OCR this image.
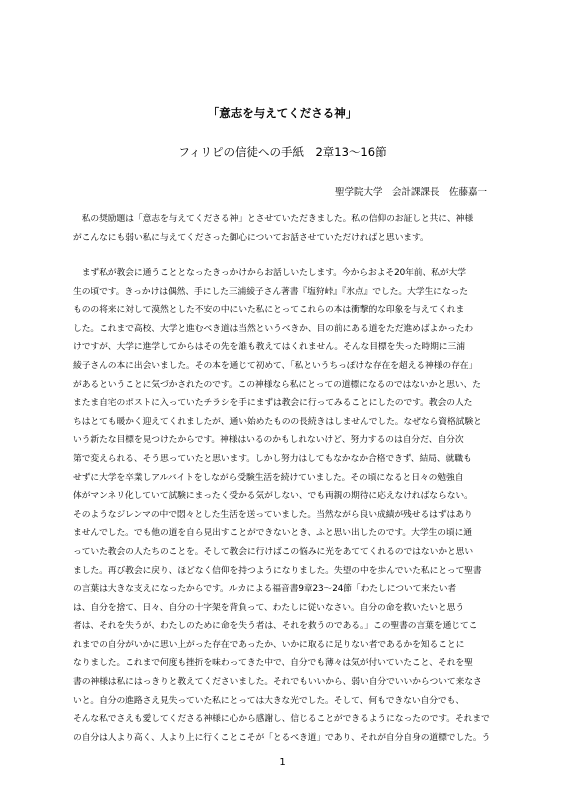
「意志を与えてくださる神」
フィリピの信徒への手紙　2章13～16節
聖学院大学　会計課課長　佐藤嘉一
　私の奨励題は「意志を与えてくださる神」とさせていただきました。私の信仰のお証しと共に、神様
がこんなにも弱い私に与えてくださった御心についてお話させていただければと思います。
　まず私が教会に通うこととなったきっかけからお話しいたします。今からおよそ20年前、私が大学
生の頃です。きっかけは偶然、手にした三浦綾子さん著書『塩狩峠』『氷点』でした。大学生になった
ものの将来に対して漠然とした不安の中にいた私にとってこれらの本は衝撃的な印象を与えてくれま
した。これまで高校、大学と進むべき道は当然というべきか、目の前にある道をただ進めばよかったわ
けですが、大学に進学してからはその先を誰も教えてはくれません。そんな目標を失った時期に三浦
綾子さんの本に出会いました。その本を通じて初めて、「私というちっぽけな存在を超える神様の存在」
があるということに気づかされたのです。この神様なら私にとっての道標になるのではないかと思い、た
またま自宅のポストに入っていたチラシを手にまずは教会に行ってみることにしたのです。教会の人た
ちはとても暖かく迎えてくれましたが、通い始めたものの長続きはしませんでした。なぜなら資格試験と
いう新たな目標を見つけたからです。神様はいるのかもしれないけど、努力するのは自分だ、自分次
第で変えられる、そう思っていたと思います。しかし努力はしてもなかなか合格できず、結局、就職も
せずに大学を卒業しアルバイトをしながら受験生活を続けていました。その頃になると日々の勉強自
体がマンネリ化していて試験にまったく受かる気がしない、でも両親の期待に応えなければならない。
そのようなジレンマの中で悶々とした生活を送っていました。当然ながら良い成績が残せるはずはあり
ませんでした。でも他の道を自ら見出すことができないとき、ふと思い出したのです。大学生の頃に通
っていた教会の人たちのことを。そして教会に行けばこの悩みに光をあててくれるのではないかと思い
ました。再び教会に戻り、ほどなく信仰を持つようになりました。失望の中を歩んでいた私にとって聖書
の言葉は大きな支えになったからです。ルカによる福音書9章23～24節「わたしについて来たい者
は、自分を捨て、日々、自分の十字架を背負って、わたしに従いなさい。自分の命を救いたいと思う
者は、それを失うが、わたしのために命を失う者は、それを救うのである。」この聖書の言葉を通じてこ
れまでの自分がいかに思い上がった存在であったか、いかに取るに足りない者であるかを知ることに
なりました。これまで何度も挫折を味わってきた中で、自分でも薄々は気が付いていたこと、それを聖
書の神様は私にはっきりと教えてくださいました。それでもいいから、弱い自分でいいからついて来なさ
いと。自分の進路さえ見失っていた私にとっては大きな光でした。そして、何もできない自分でも、
そんな私でさえも愛してくださる神様に心から感謝し、信じることができるようになったのです。それまで
の自分は人より高く、人より上に行くことこそが「とるべき道」であり、それが自分自身の道標でした。う
1
